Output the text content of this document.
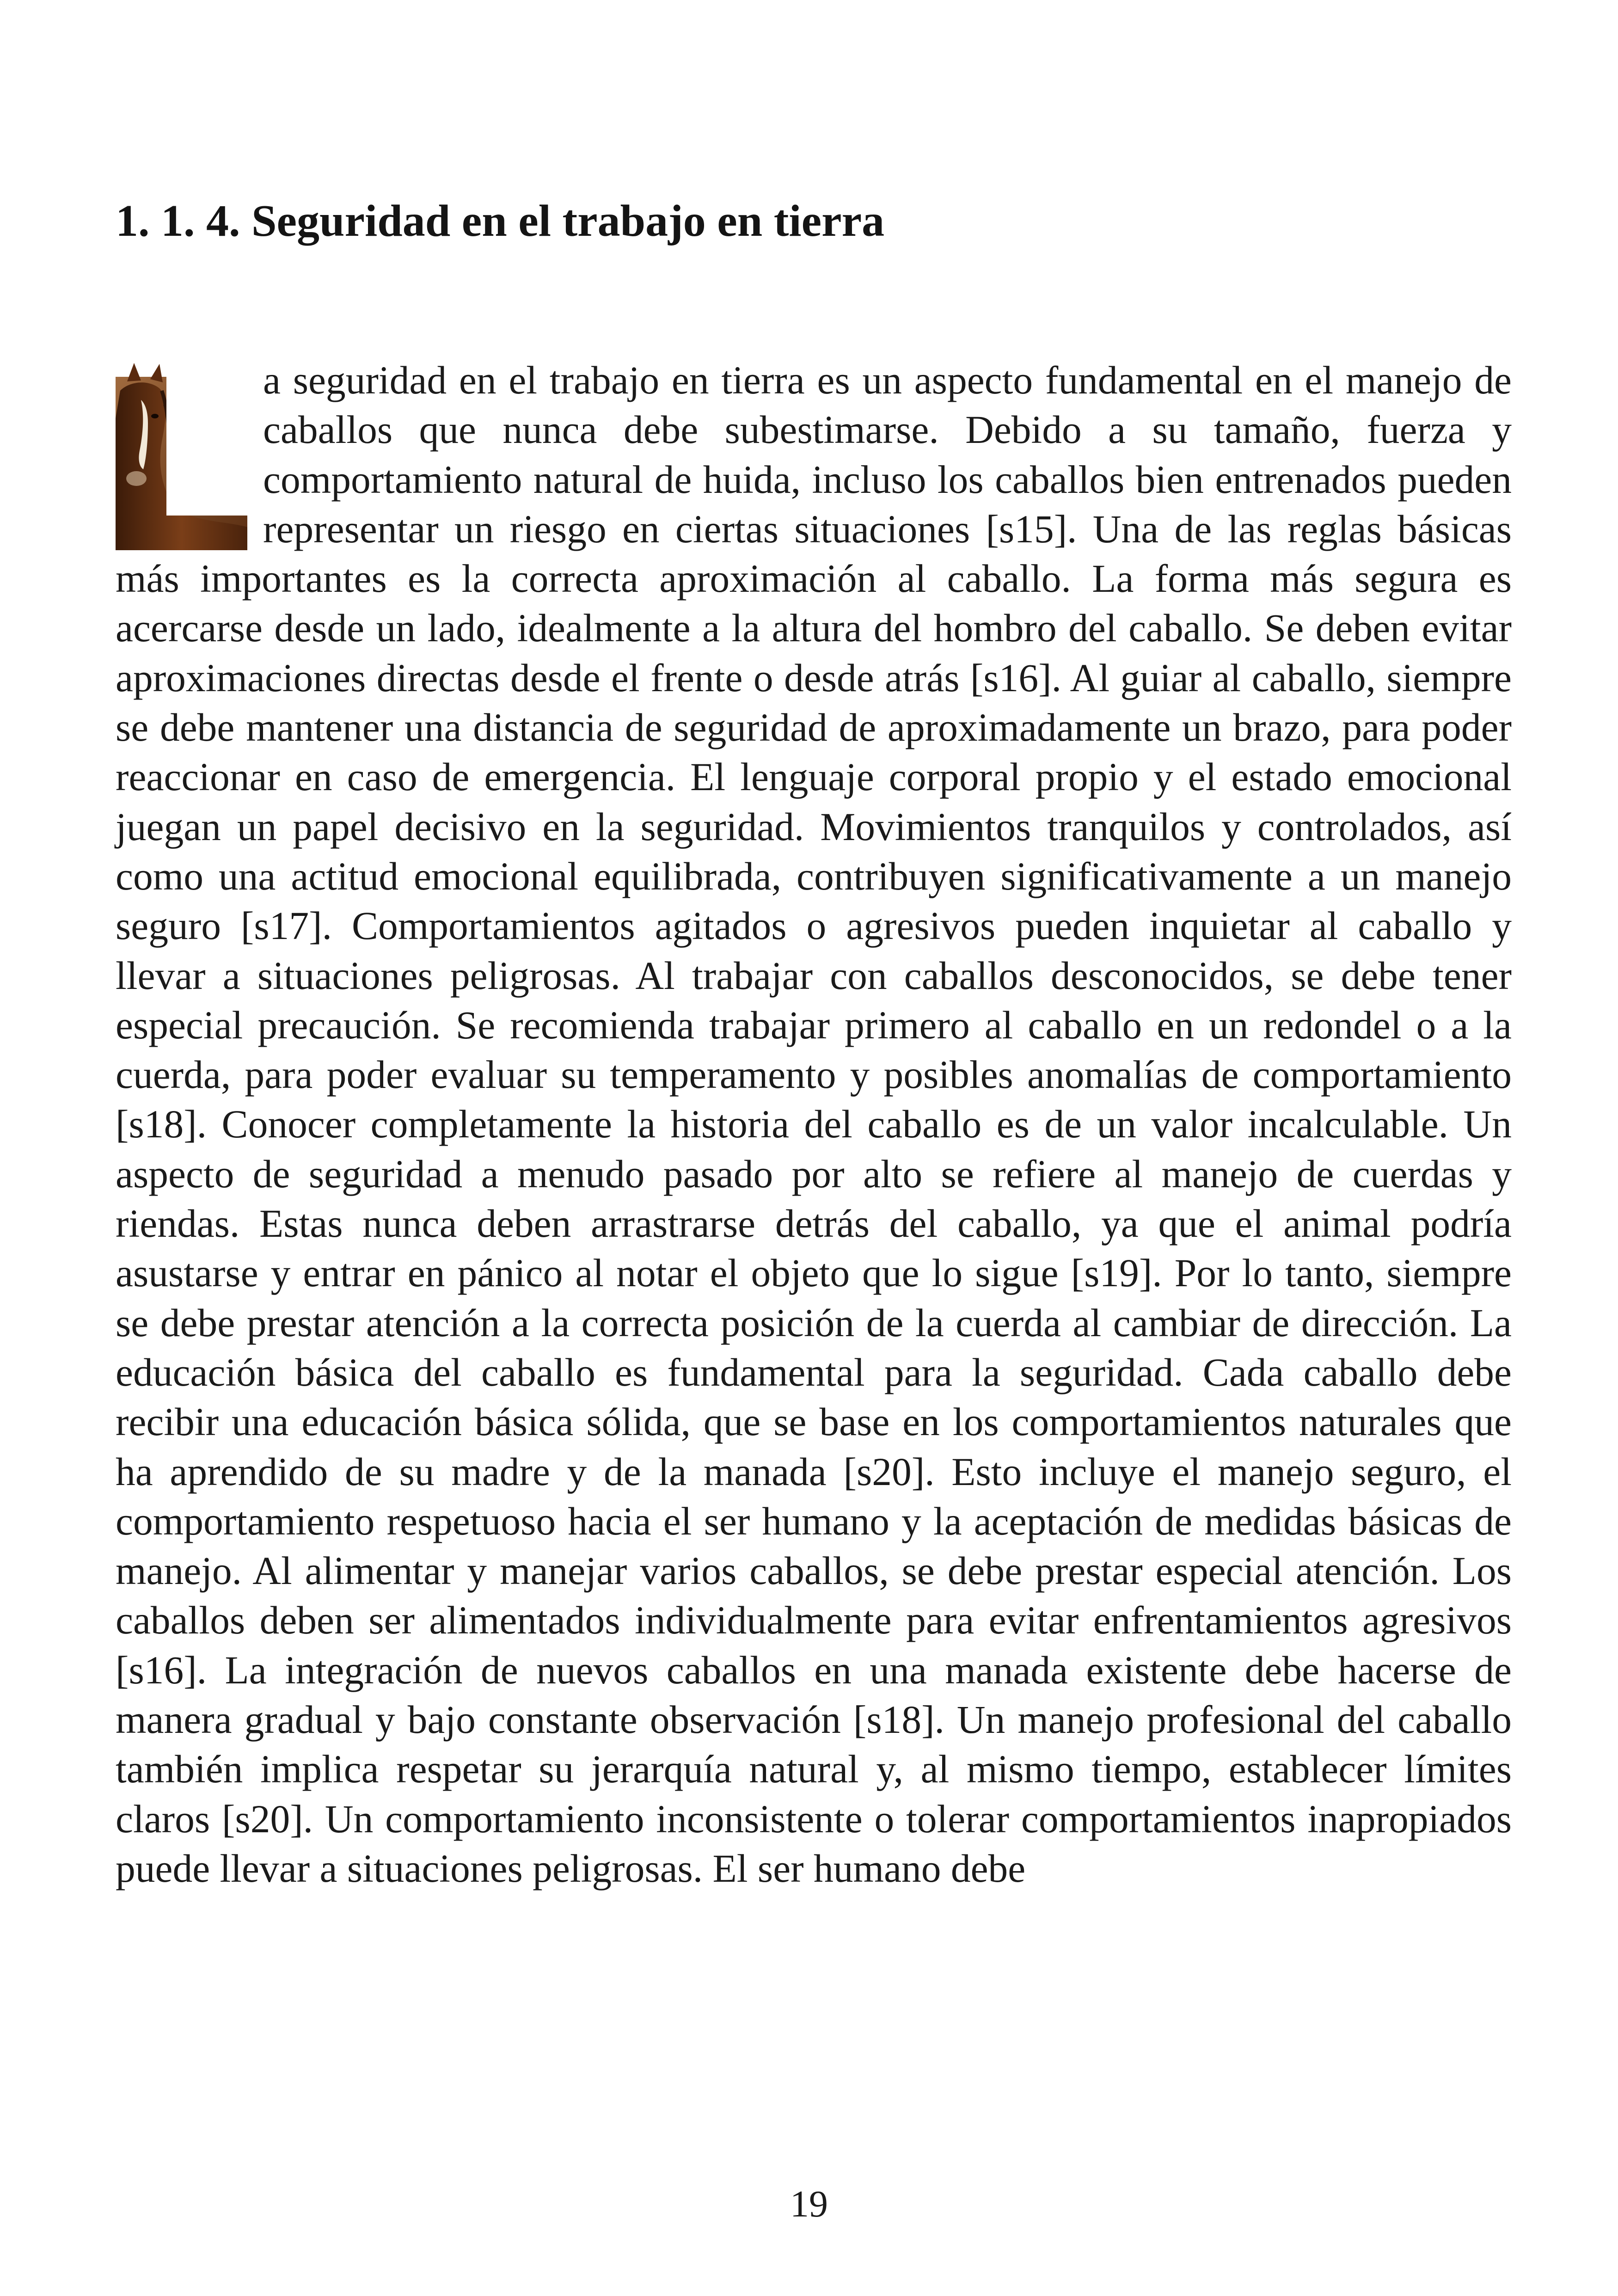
1. 1. 4. Seguridad en el trabajo en tierra

a seguridad en el trabajo en tierra es un aspecto fundamental en el manejo de caballos que nunca debe subestimarse. Debido a su tamaño, fuerza y comportamiento natural de huida, incluso los caballos bien entrenados pueden representar un riesgo en ciertas situaciones [s15]. Una de las reglas básicas más importantes es la correcta aproximación al caballo. La forma más segura es acercarse desde un lado, idealmente a la altura del hombro del caballo. Se deben evitar aproximaciones directas desde el frente o desde atrás [s16]. Al guiar al caballo, siempre se debe mantener una distancia de seguridad de aproximadamente un brazo, para poder reaccionar en caso de emergencia. El lenguaje corporal propio y el estado emocional juegan un papel decisivo en la seguridad. Movimientos tranquilos y controlados, así como una actitud emocional equilibrada, contribuyen significativamente a un manejo seguro [s17]. Comportamientos agitados o agresivos pueden inquietar al caballo y llevar a situaciones peligrosas. Al trabajar con caballos desconocidos, se debe tener especial precaución. Se recomienda trabajar primero al caballo en un redondel o a la cuerda, para poder evaluar su temperamento y posibles anomalías de comportamiento [s18]. Conocer completamente la historia del caballo es de un valor incalculable. Un aspecto de seguridad a menudo pasado por alto se refiere al manejo de cuerdas y riendas. Estas nunca deben arrastrarse detrás del caballo, ya que el animal podría asustarse y entrar en pánico al notar el objeto que lo sigue [s19]. Por lo tanto, siempre se debe prestar atención a la correcta posición de la cuerda al cambiar de dirección. La educación básica del caballo es fundamental para la seguridad. Cada caballo debe recibir una educación básica sólida, que se base en los comportamientos naturales que ha aprendido de su madre y de la manada [s20]. Esto incluye el manejo seguro, el comportamiento respetuoso hacia el ser humano y la aceptación de medidas básicas de manejo. Al alimentar y manejar varios caballos, se debe prestar especial atención. Los caballos deben ser alimentados individualmente para evitar enfrentamientos agresivos [s16]. La integración de nuevos caballos en una manada existente debe hacerse de manera gradual y bajo constante observación [s18]. Un manejo profesional del caballo también implica respetar su jerarquía natural y, al mismo tiempo, establecer límites claros [s20]. Un comportamiento inconsistente o tolerar comportamientos inapropiados puede llevar a situaciones peligrosas. El ser humano debe

19
